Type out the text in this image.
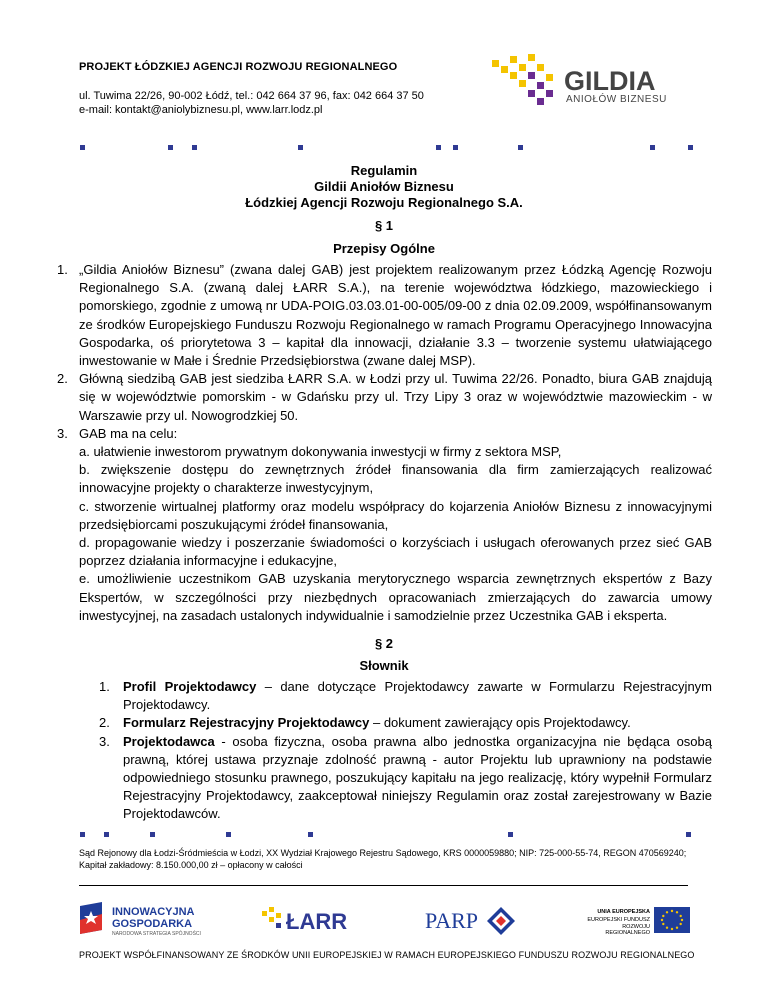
PROJEKT ŁÓDZKIEJ AGENCJI ROZWOJU REGIONALNEGO
ul. Tuwima 22/26, 90-002 Łódź, tel.: 042 664 37 96, fax: 042 664 37 50
e-mail: kontakt@aniolybiznesu.pl, www.larr.lodz.pl
GILDIA
ANIOŁÓW BIZNESU
Regulamin
Gildii Aniołów Biznesu
Łódzkiej Agencji Rozwoju Regionalnego S.A.
§ 1
Przepisy Ogólne
1. „Gildia Aniołów Biznesu” (zwana dalej GAB) jest projektem realizowanym przez Łódzką Agencję Rozwoju Regionalnego S.A. (zwaną dalej ŁARR S.A.), na terenie województwa łódzkiego, mazowieckiego i pomorskiego, zgodnie z umową nr UDA-POIG.03.03.01-00-005/09-00 z dnia 02.09.2009, współfinansowanym ze środków Europejskiego Funduszu Rozwoju Regionalnego w ramach Programu Operacyjnego Innowacyjna Gospodarka, oś priorytetowa 3 – kapitał dla innowacji, działanie 3.3 – tworzenie systemu ułatwiającego inwestowanie w Małe i Średnie Przedsiębiorstwa (zwane dalej MSP).
2. Główną siedzibą GAB jest siedziba ŁARR S.A. w Łodzi przy ul. Tuwima 22/26. Ponadto, biura GAB znajdują się w województwie pomorskim - w Gdańsku przy ul. Trzy Lipy 3 oraz w województwie mazowieckim - w Warszawie przy ul. Nowogrodzkiej 50.
3. GAB ma na celu:
a. ułatwienie inwestorom prywatnym dokonywania inwestycji w firmy z sektora MSP,
b. zwiększenie dostępu do zewnętrznych źródeł finansowania dla firm zamierzających realizować innowacyjne projekty o charakterze inwestycyjnym,
c. stworzenie wirtualnej platformy oraz modelu współpracy do kojarzenia Aniołów Biznesu z innowacyjnymi przedsiębiorcami poszukującymi źródeł finansowania,
d. propagowanie wiedzy i poszerzanie świadomości o korzyściach i usługach oferowanych przez sieć GAB poprzez działania informacyjne i edukacyjne,
e. umożliwienie uczestnikom GAB uzyskania merytorycznego wsparcia zewnętrznych ekspertów z Bazy Ekspertów, w szczególności przy niezbędnych opracowaniach zmierzających do zawarcia umowy inwestycyjnej, na zasadach ustalonych indywidualnie i samodzielnie przez Uczestnika GAB i eksperta.
§ 2
Słownik
1. Profil Projektodawcy – dane dotyczące Projektodawcy zawarte w Formularzu Rejestracyjnym Projektodawcy.
2. Formularz Rejestracyjny Projektodawcy – dokument zawierający opis Projektodawcy.
3. Projektodawca - osoba fizyczna, osoba prawna albo jednostka organizacyjna nie będąca osobą prawną, której ustawa przyznaje zdolność prawną - autor Projektu lub uprawniony na podstawie odpowiedniego stosunku prawnego, poszukujący kapitału na jego realizację, który wypełnił Formularz Rejestracyjny Projektodawcy, zaakceptował niniejszy Regulamin oraz został zarejestrowany w Bazie Projektodawców.
Sąd Rejonowy dla Łodzi-Śródmieścia w Łodzi, XX Wydział Krajowego Rejestru Sądowego, KRS 0000059880; NIP: 725-000-55-74, REGON 470569240;
Kapitał zakładowy: 8.150.000,00 zł – opłacony w całości
INNOWACYJNA
GOSPODARKA
NARODOWA STRATEGIA SPÓJNOŚCI	ŁARR	PARP	UNIA EUROPEJSKA
EUROPEJSKI FUNDUSZ
ROZWOJU REGIONALNEGO
PROJEKT WSPÓŁFINANSOWANY ZE ŚRODKÓW UNII EUROPEJSKIEJ W RAMACH EUROPEJSKIEGO FUNDUSZU ROZWOJU REGIONALNEGO
